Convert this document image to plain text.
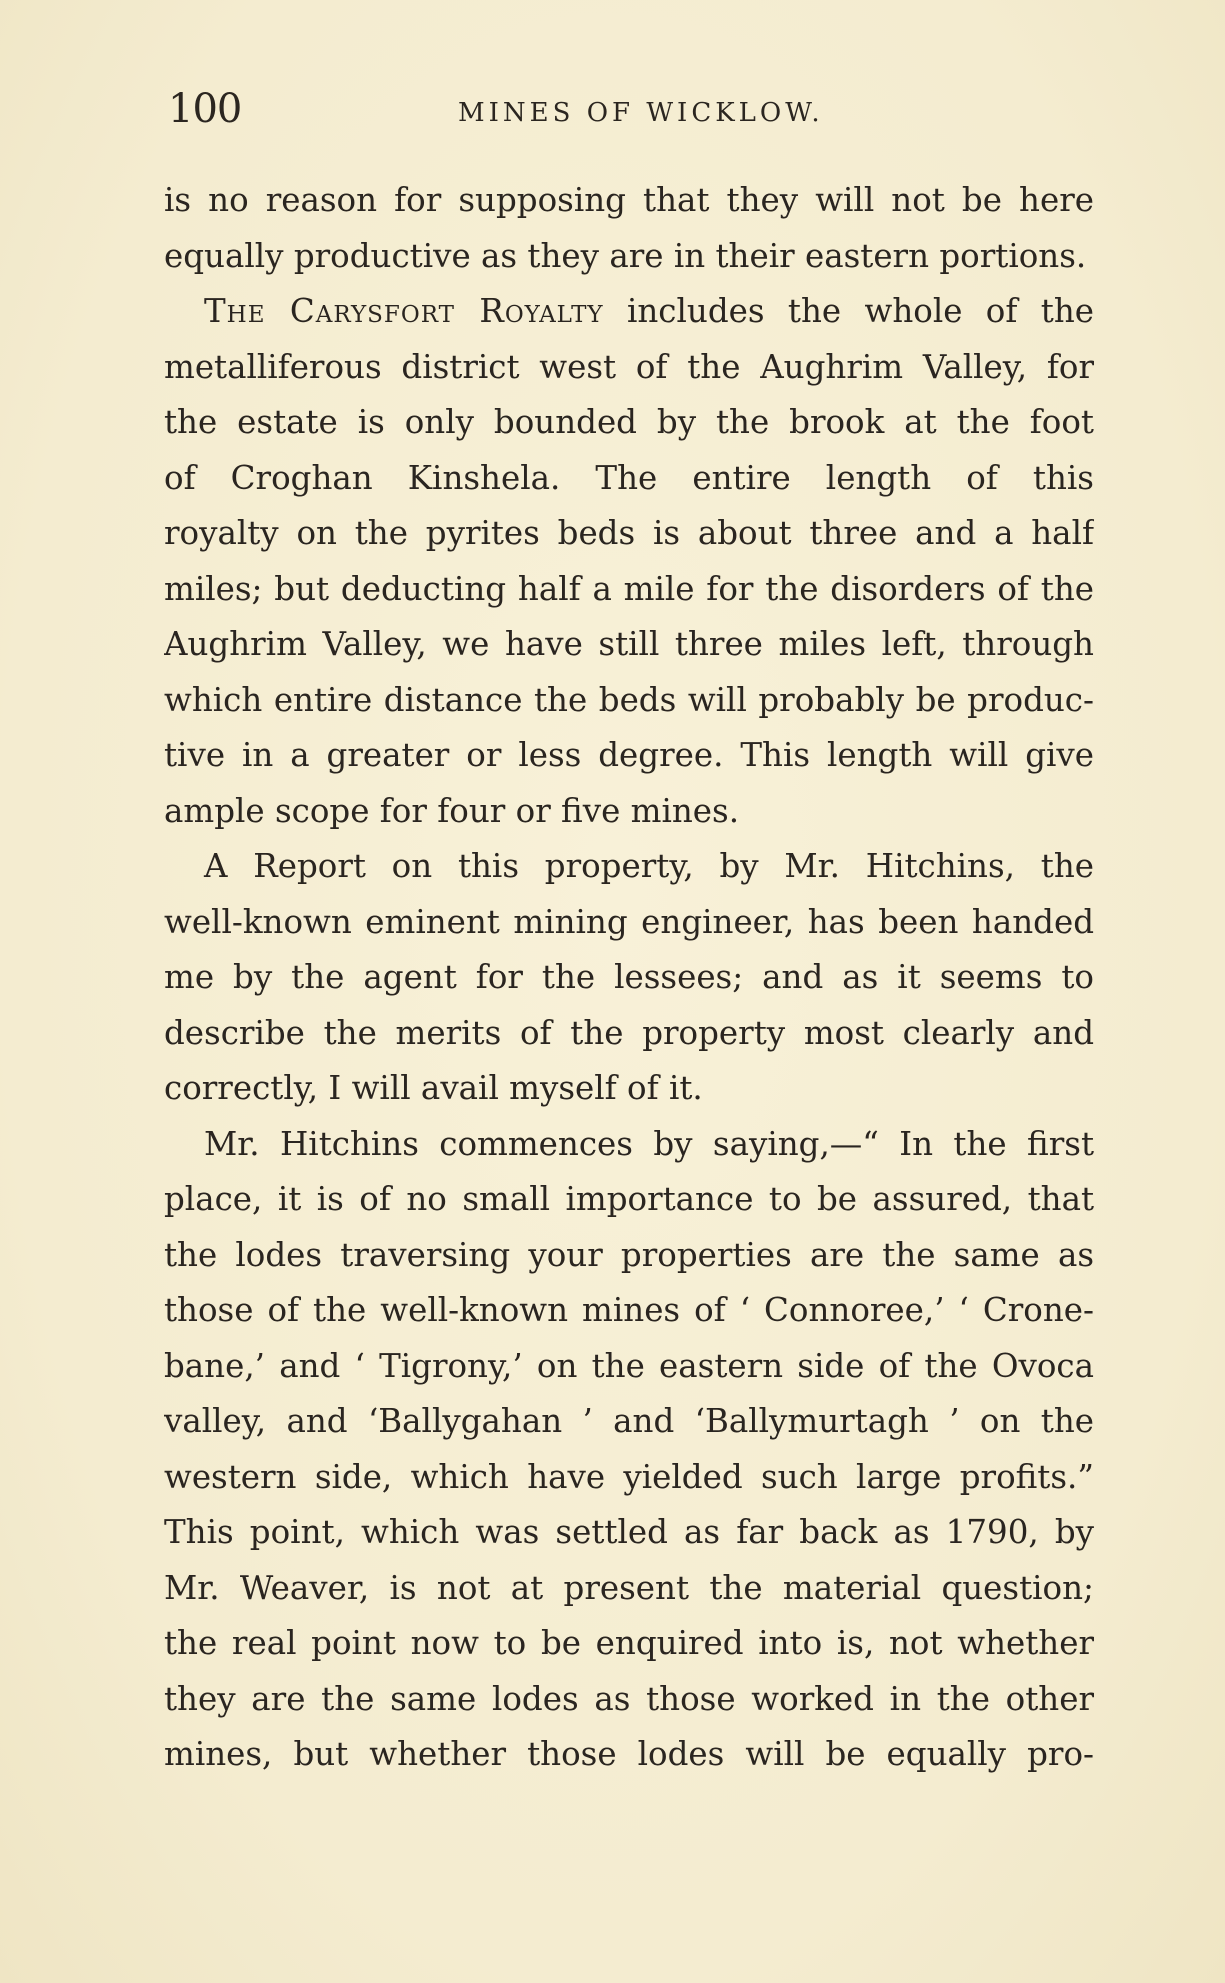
100	MINES OF WICKLOW.
is no reason for supposing that they will not be here
equally productive as they are in their eastern portions.
The Carysfort Royalty includes the whole of the
metalliferous district west of the Aughrim Valley, for
the estate is only bounded by the brook at the foot
of Croghan Kinshela. The entire length of this
royalty on the pyrites beds is about three and a half
miles; but deducting half a mile for the disorders of the
Aughrim Valley, we have still three miles left, through
which entire distance the beds will probably be produc-
tive in a greater or less degree. This length will give
ample scope for four or five mines.
A Report on this property, by Mr. Hitchins, the
well-known eminent mining engineer, has been handed
me by the agent for the lessees; and as it seems to
describe the merits of the property most clearly and
correctly, I will avail myself of it.
Mr. Hitchins commences by saying,—“ In the first
place, it is of no small importance to be assured, that
the lodes traversing your properties are the same as
those of the well-known mines of ‘ Connoree,’ ‘ Crone-
bane,’ and ‘ Tigrony,’ on the eastern side of the Ovoca
valley, and ‘Ballygahan ’ and ‘Ballymurtagh ’ on the
western side, which have yielded such large profits.”
This point, which was settled as far back as 1790, by
Mr. Weaver, is not at present the material question;
the real point now to be enquired into is, not whether
they are the same lodes as those worked in the other
mines, but whether those lodes will be equally pro-
